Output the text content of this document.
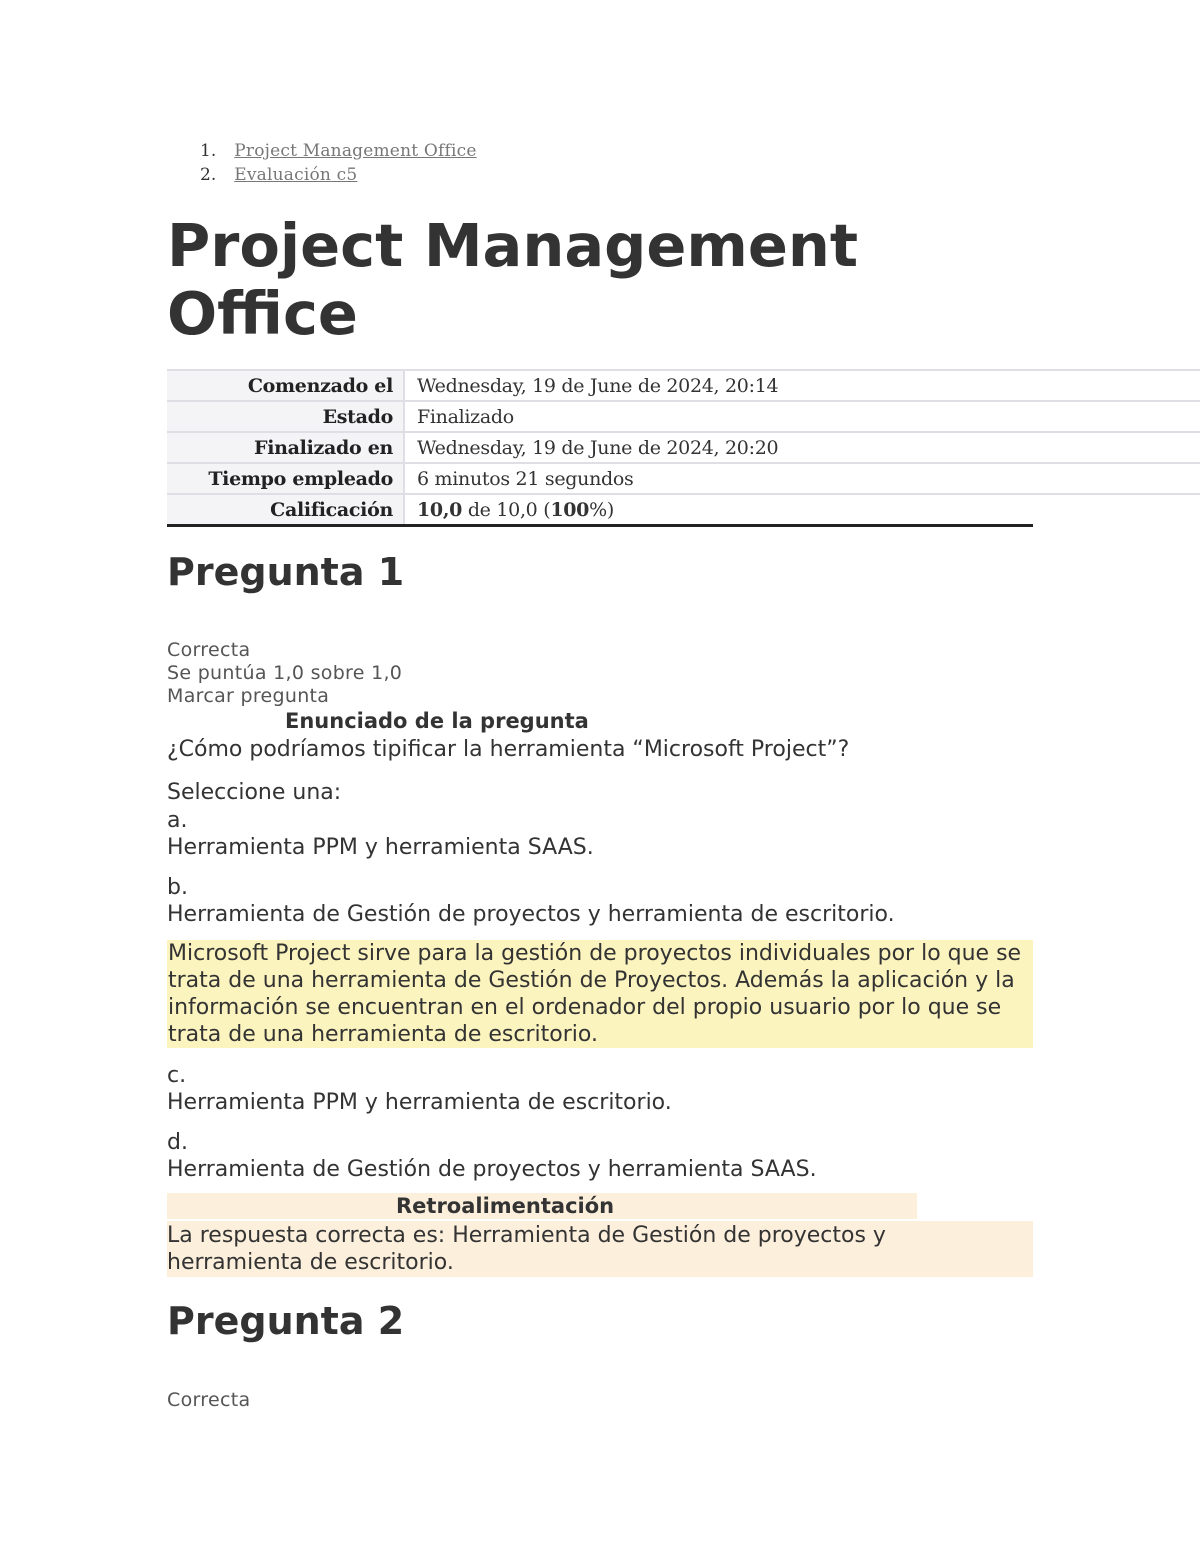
1. Project Management Office
2. Evaluación c5
Project Management Office
Comenzado el	Wednesday, 19 de June de 2024, 20:14
Estado	Finalizado
Finalizado en	Wednesday, 19 de June de 2024, 20:20
Tiempo empleado	6 minutos 21 segundos
Calificación	10,0 de 10,0 (100%)
Pregunta 1
Correcta
Se puntúa 1,0 sobre 1,0
Marcar pregunta
Enunciado de la pregunta
¿Cómo podríamos tipificar la herramienta “Microsoft Project”?
Seleccione una:
a.
Herramienta PPM y herramienta SAAS.
b.
Herramienta de Gestión de proyectos y herramienta de escritorio.
Microsoft Project sirve para la gestión de proyectos individuales por lo que se trata de una herramienta de Gestión de Proyectos. Además la aplicación y la información se encuentran en el ordenador del propio usuario por lo que se trata de una herramienta de escritorio.
c.
Herramienta PPM y herramienta de escritorio.
d.
Herramienta de Gestión de proyectos y herramienta SAAS.
Retroalimentación
La respuesta correcta es: Herramienta de Gestión de proyectos y herramienta de escritorio.
Pregunta 2
Correcta
